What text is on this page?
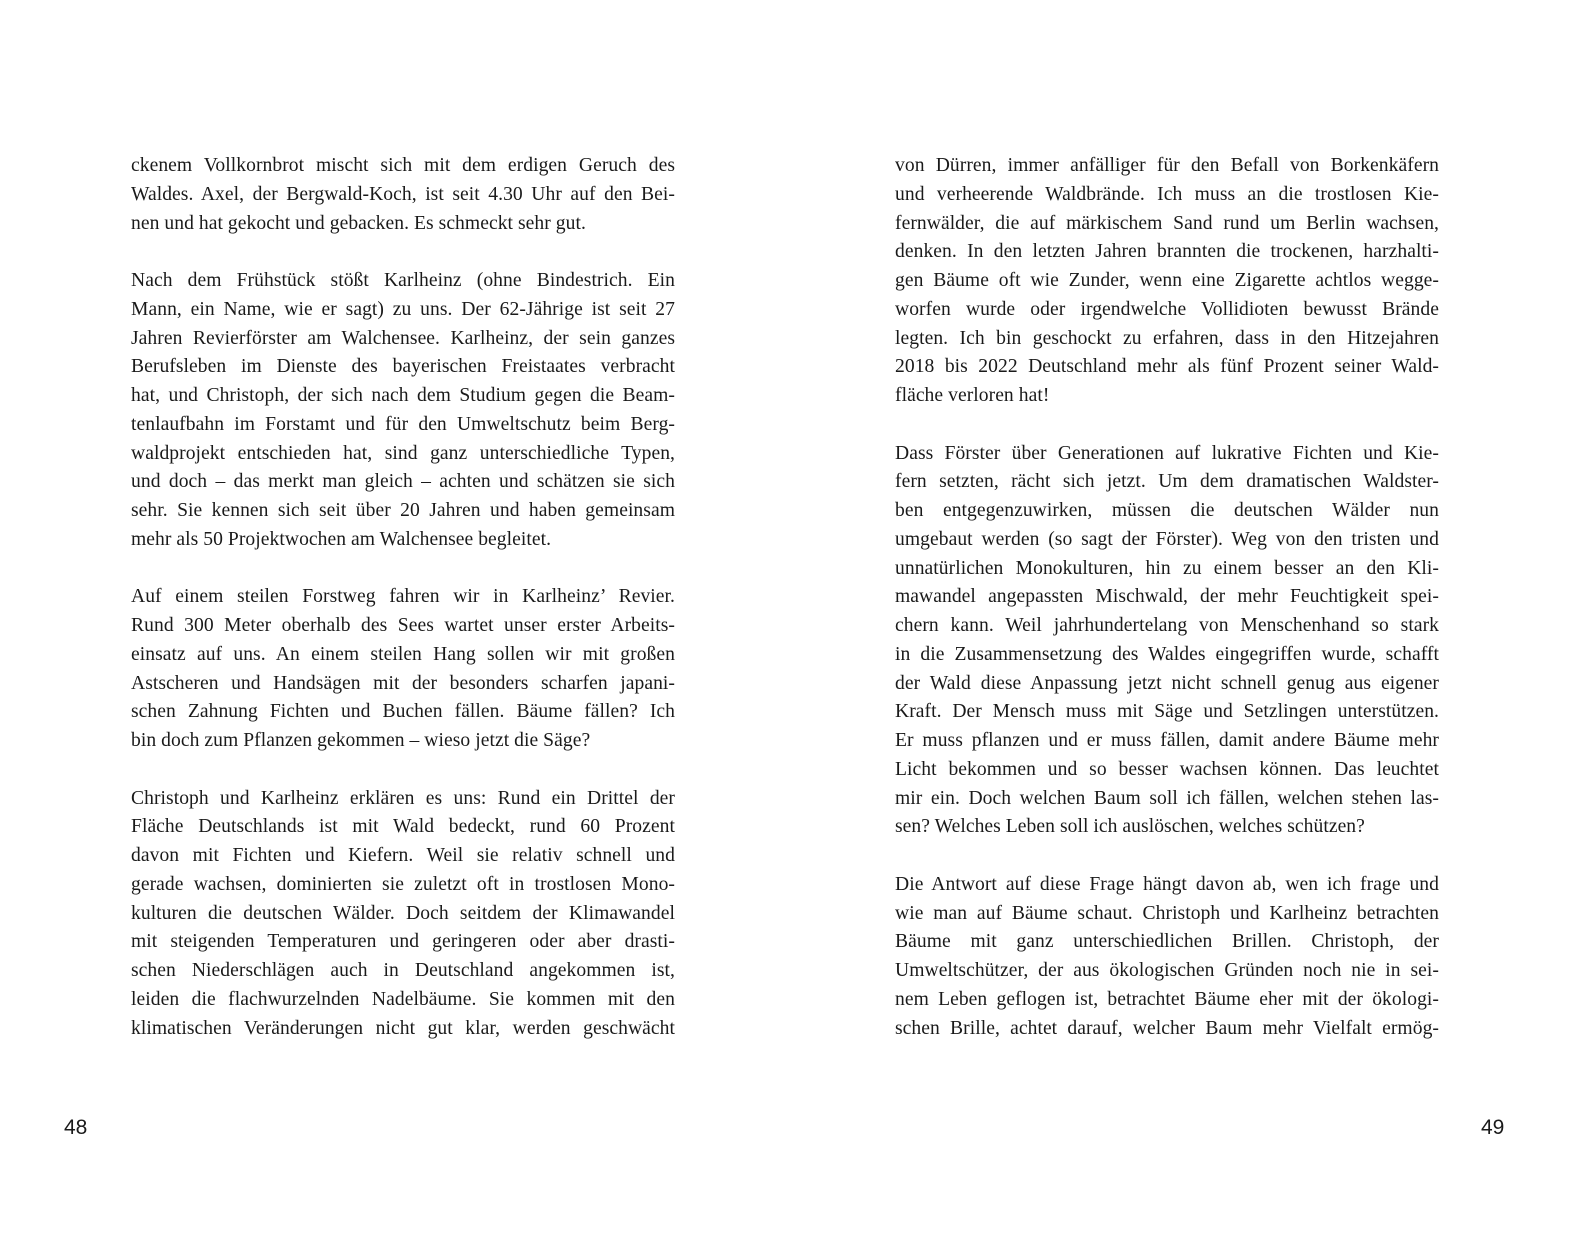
ckenem Vollkornbrot mischt sich mit dem erdigen Geruch des
Waldes. Axel, der Bergwald-Koch, ist seit 4.30 Uhr auf den Bei-
nen und hat gekocht und gebacken. Es schmeckt sehr gut.

Nach dem Frühstück stößt Karlheinz (ohne Bindestrich. Ein
Mann, ein Name, wie er sagt) zu uns. Der 62-Jährige ist seit 27
Jahren Revierförster am Walchensee. Karlheinz, der sein ganzes
Berufsleben im Dienste des bayerischen Freistaates verbracht
hat, und Christoph, der sich nach dem Studium gegen die Beam-
tenlaufbahn im Forstamt und für den Umweltschutz beim Berg-
waldprojekt entschieden hat, sind ganz unterschiedliche Typen,
und doch – das merkt man gleich – achten und schätzen sie sich
sehr. Sie kennen sich seit über 20 Jahren und haben gemeinsam
mehr als 50 Projektwochen am Walchensee begleitet.

Auf einem steilen Forstweg fahren wir in Karlheinz’ Revier.
Rund 300 Meter oberhalb des Sees wartet unser erster Arbeits-
einsatz auf uns. An einem steilen Hang sollen wir mit großen
Astscheren und Handsägen mit der besonders scharfen japani-
schen Zahnung Fichten und Buchen fällen. Bäume fällen? Ich
bin doch zum Pflanzen gekommen – wieso jetzt die Säge?

Christoph und Karlheinz erklären es uns: Rund ein Drittel der
Fläche Deutschlands ist mit Wald bedeckt, rund 60 Prozent
davon mit Fichten und Kiefern. Weil sie relativ schnell und
gerade wachsen, dominierten sie zuletzt oft in trostlosen Mono-
kulturen die deutschen Wälder. Doch seitdem der Klimawandel
mit steigenden Temperaturen und geringeren oder aber drasti-
schen Niederschlägen auch in Deutschland angekommen ist,
leiden die flachwurzelnden Nadelbäume. Sie kommen mit den
klimatischen Veränderungen nicht gut klar, werden geschwächt

48

von Dürren, immer anfälliger für den Befall von Borkenkäfern
und verheerende Waldbrände. Ich muss an die trostlosen Kie-
fernwälder, die auf märkischem Sand rund um Berlin wachsen,
denken. In den letzten Jahren brannten die trockenen, harzhalti-
gen Bäume oft wie Zunder, wenn eine Zigarette achtlos wegge-
worfen wurde oder irgendwelche Vollidioten bewusst Brände
legten. Ich bin geschockt zu erfahren, dass in den Hitzejahren
2018 bis 2022 Deutschland mehr als fünf Prozent seiner Wald-
fläche verloren hat!

Dass Förster über Generationen auf lukrative Fichten und Kie-
fern setzten, rächt sich jetzt. Um dem dramatischen Waldster-
ben entgegenzuwirken, müssen die deutschen Wälder nun
umgebaut werden (so sagt der Förster). Weg von den tristen und
unnatürlichen Monokulturen, hin zu einem besser an den Kli-
mawandel angepassten Mischwald, der mehr Feuchtigkeit spei-
chern kann. Weil jahrhundertelang von Menschenhand so stark
in die Zusammensetzung des Waldes eingegriffen wurde, schafft
der Wald diese Anpassung jetzt nicht schnell genug aus eigener
Kraft. Der Mensch muss mit Säge und Setzlingen unterstützen.
Er muss pflanzen und er muss fällen, damit andere Bäume mehr
Licht bekommen und so besser wachsen können. Das leuchtet
mir ein. Doch welchen Baum soll ich fällen, welchen stehen las-
sen? Welches Leben soll ich auslöschen, welches schützen?

Die Antwort auf diese Frage hängt davon ab, wen ich frage und
wie man auf Bäume schaut. Christoph und Karlheinz betrachten
Bäume mit ganz unterschiedlichen Brillen. Christoph, der
Umweltschützer, der aus ökologischen Gründen noch nie in sei-
nem Leben geflogen ist, betrachtet Bäume eher mit der ökologi-
schen Brille, achtet darauf, welcher Baum mehr Vielfalt ermög-

49
